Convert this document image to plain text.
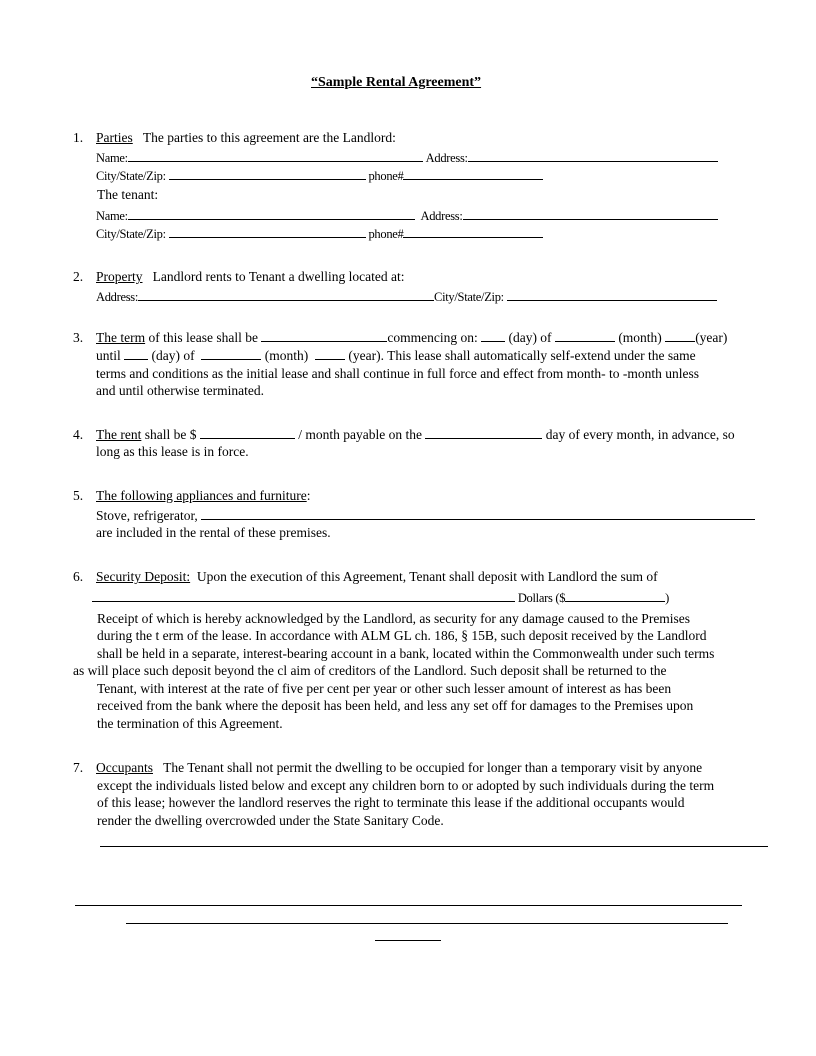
“Sample Rental Agreement”
1. Parties The parties to this agreement are the Landlord:
Name:	Address:
City/State/Zip:	phone#
The tenant:
Name:	Address:
City/State/Zip:	phone#
2. Property Landlord rents to Tenant a dwelling located at:
Address:	City/State/Zip:
3. The term of this lease shall be	commencing on: (day) of	(month) (year)
until (day) of	(month)	(year). This lease shall automatically self-extend under the same
terms and conditions as the initial lease and shall continue in full force and effect from month- to -month unless
and until otherwise terminated.
4. The rent shall be $	/ month payable on the	day of every month, in advance, so
long as this lease is in force.
5. The following appliances and furniture:
Stove, refrigerator,
are included in the rental of these premises.
6. Security Deposit: Upon the execution of this Agreement, Tenant shall deposit with Landlord the sum of
Dollars ($	)
Receipt of which is hereby acknowledged by the Landlord, as security for any damage caused to the Premises
during the t erm of the lease. In accordance with ALM GL ch. 186, § 15B, such deposit received by the Landlord
shall be held in a separate, interest-bearing account in a bank, located within the Commonwealth under such terms
as will place such deposit beyond the cl aim of creditors of the Landlord. Such deposit shall be returned to the
Tenant, with interest at the rate of five per cent per year or other such lesser amount of interest as has been
received from the bank where the deposit has been held, and less any set off for damages to the Premises upon
the termination of this Agreement.
7. Occupants The Tenant shall not permit the dwelling to be occupied for longer than a temporary visit by anyone
except the individuals listed below and except any children born to or adopted by such individuals during the term
of this lease; however the landlord reserves the right to terminate this lease if the additional occupants would
render the dwelling overcrowded under the State Sanitary Code.
